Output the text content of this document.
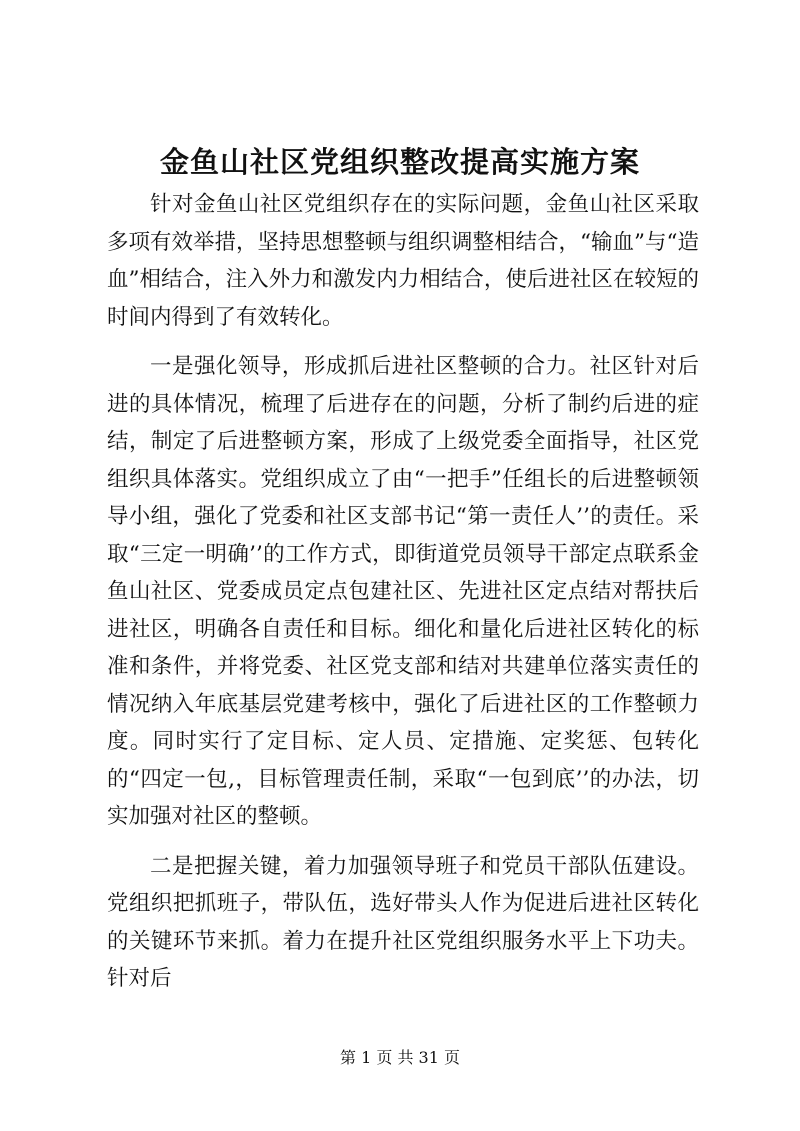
金鱼山社区党组织整改提高实施方案

针对金鱼山社区党组织存在的实际问题，金鱼山社区采取多项有效举措，坚持思想整顿与组织调整相结合，“输血”与“造血”相结合，注入外力和激发内力相结合，使后进社区在较短的时间内得到了有效转化。

一是强化领导，形成抓后进社区整顿的合力。社区针对后进的具体情况，梳理了后进存在的问题，分析了制约后进的症结，制定了后进整顿方案，形成了上级党委全面指导，社区党组织具体落实。党组织成立了由“一把手”任组长的后进整顿领导小组，强化了党委和社区支部书记“第一责任人’’的责任。采取“三定一明确’’的工作方式，即街道党员领导干部定点联系金鱼山社区、党委成员定点包建社区、先进社区定点结对帮扶后进社区，明确各自责任和目标。细化和量化后进社区转化的标准和条件，并将党委、社区党支部和结对共建单位落实责任的情况纳入年底基层党建考核中，强化了后进社区的工作整顿力度。同时实行了定目标、定人员、定措施、定奖惩、包转化的“四定一包,，目标管理责任制，采取“一包到底’’的办法，切实加强对社区的整顿。

二是把握关键，着力加强领导班子和党员干部队伍建设。党组织把抓班子，带队伍，选好带头人作为促进后进社区转化的关键环节来抓。着力在提升社区党组织服务水平上下功夫。针对后

第 1 页 共 31 页
